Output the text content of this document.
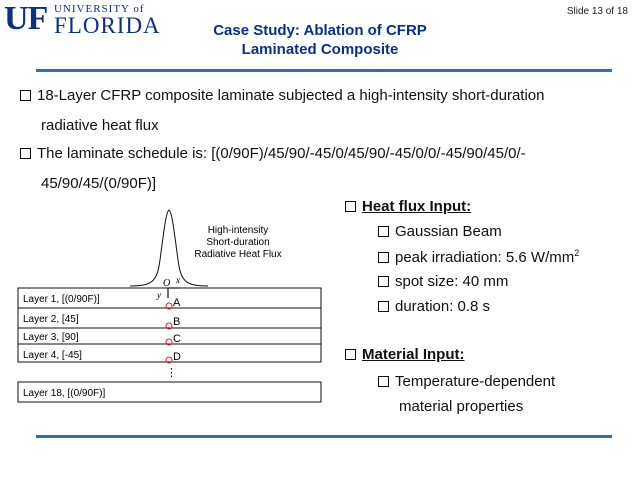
UF UNIVERSITY of
FLORIDA
Slide 13 of 18
Case Study: Ablation of CFRP
Laminated Composite
18-Layer CFRP composite laminate subjected a high-intensity short-duration
radiative heat flux
The laminate schedule is: [(0/90F)/45/90/-45/0/45/90/-45/0/0/-45/90/45/0/-
45/90/45/(0/90F)]
Heat flux Input:
Gaussian Beam
peak irradiation: 5.6 $W/mm^2$
spot size: 40 mm
duration: 0.8 s
Material Input:
Temperature-dependent
material properties
High-intensity
Short-duration
Radiative Heat Flux
Layer 1, [(0/90F)]
Layer 2, [45]
Layer 3, [90]
Layer 4, [-45]
Layer 18, [(0/90F)]
O x
y
A
B
C
D
⋮
